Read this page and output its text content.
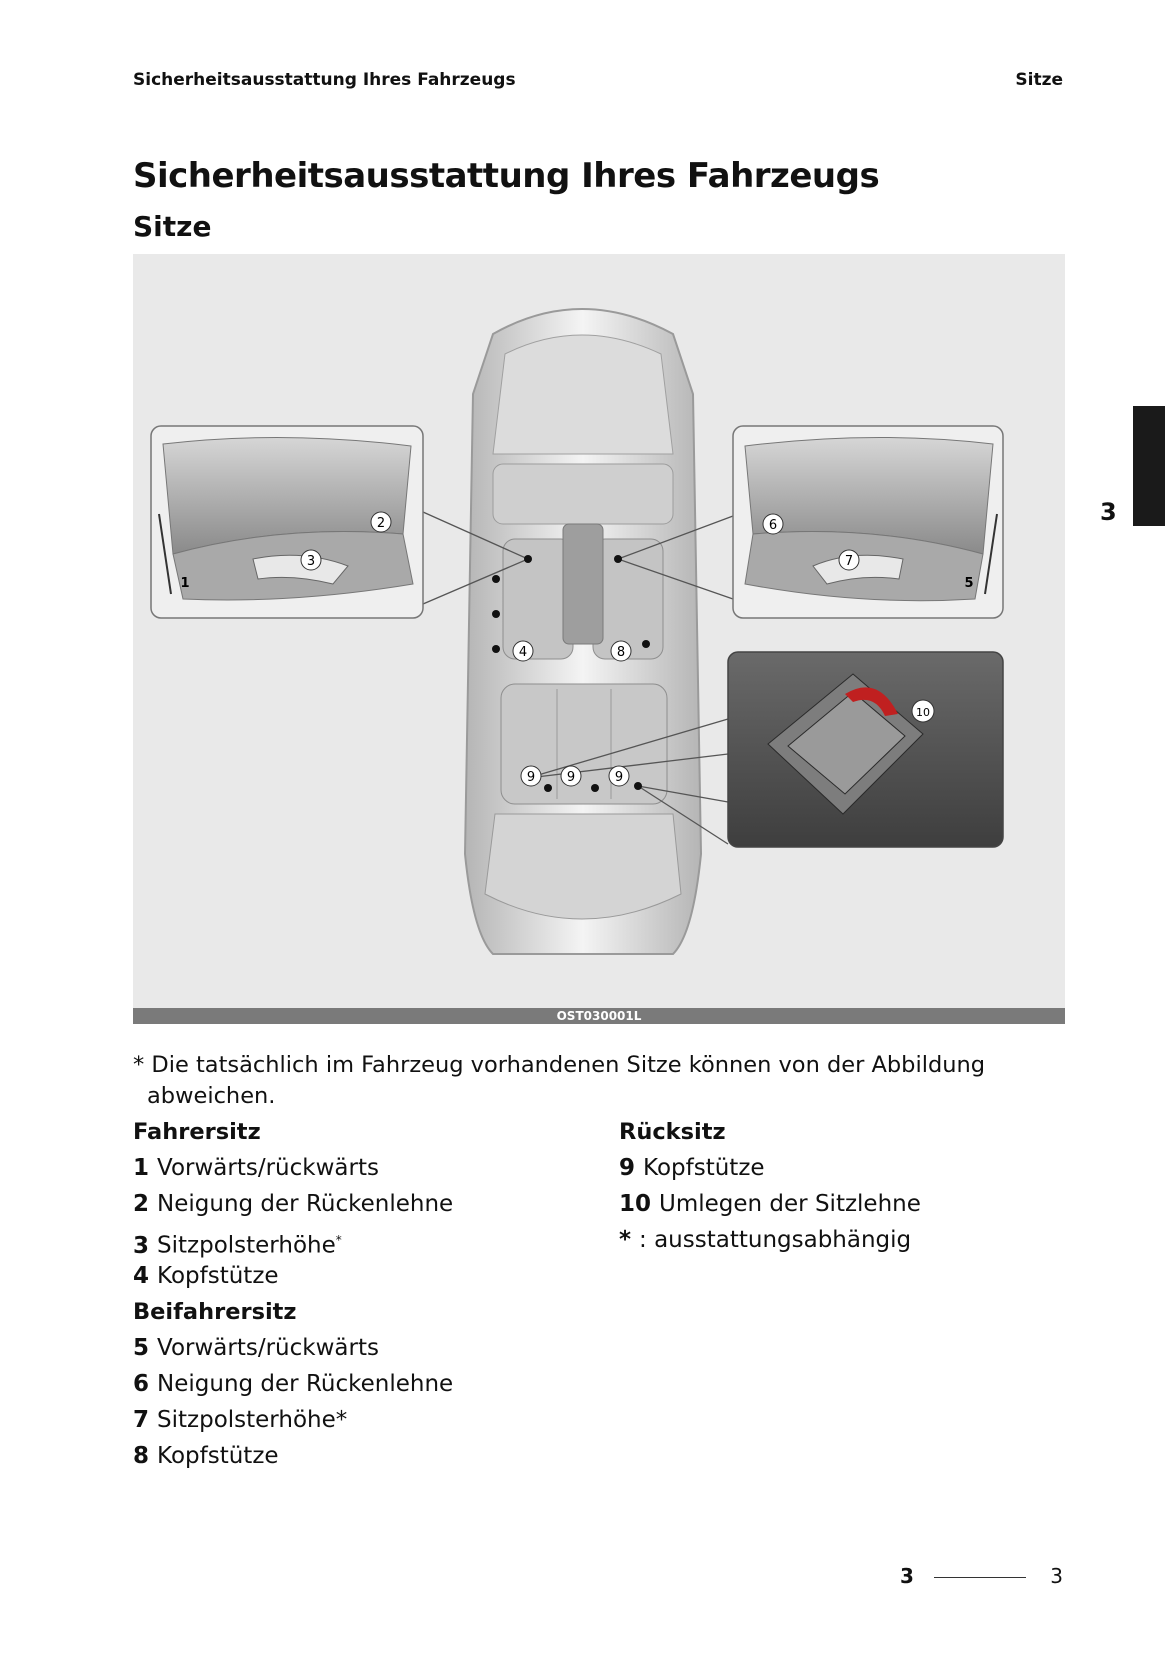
Sicherheitsausstattung Ihres Fahrzeugs	Sitze
Sicherheitsausstattung Ihres Fahrzeugs
Sitze
2
3
1
6
7
5
4	8
9 9	9
10
OST030001L
3
* Die tatsächlich im Fahrzeug vorhandenen Sitze können von der Abbildung abweichen.
Fahrersitz
1 Vorwärts/rückwärts
2 Neigung der Rückenlehne
3 Sitzpolsterhöhe*
4 Kopfstütze
Beifahrersitz
5 Vorwärts/rückwärts
6 Neigung der Rückenlehne
7 Sitzpolsterhöhe*
8 Kopfstütze
Rücksitz
9 Kopfstütze
10 Umlegen der Sitzlehne
* : ausstattungsabhängig
3	3
